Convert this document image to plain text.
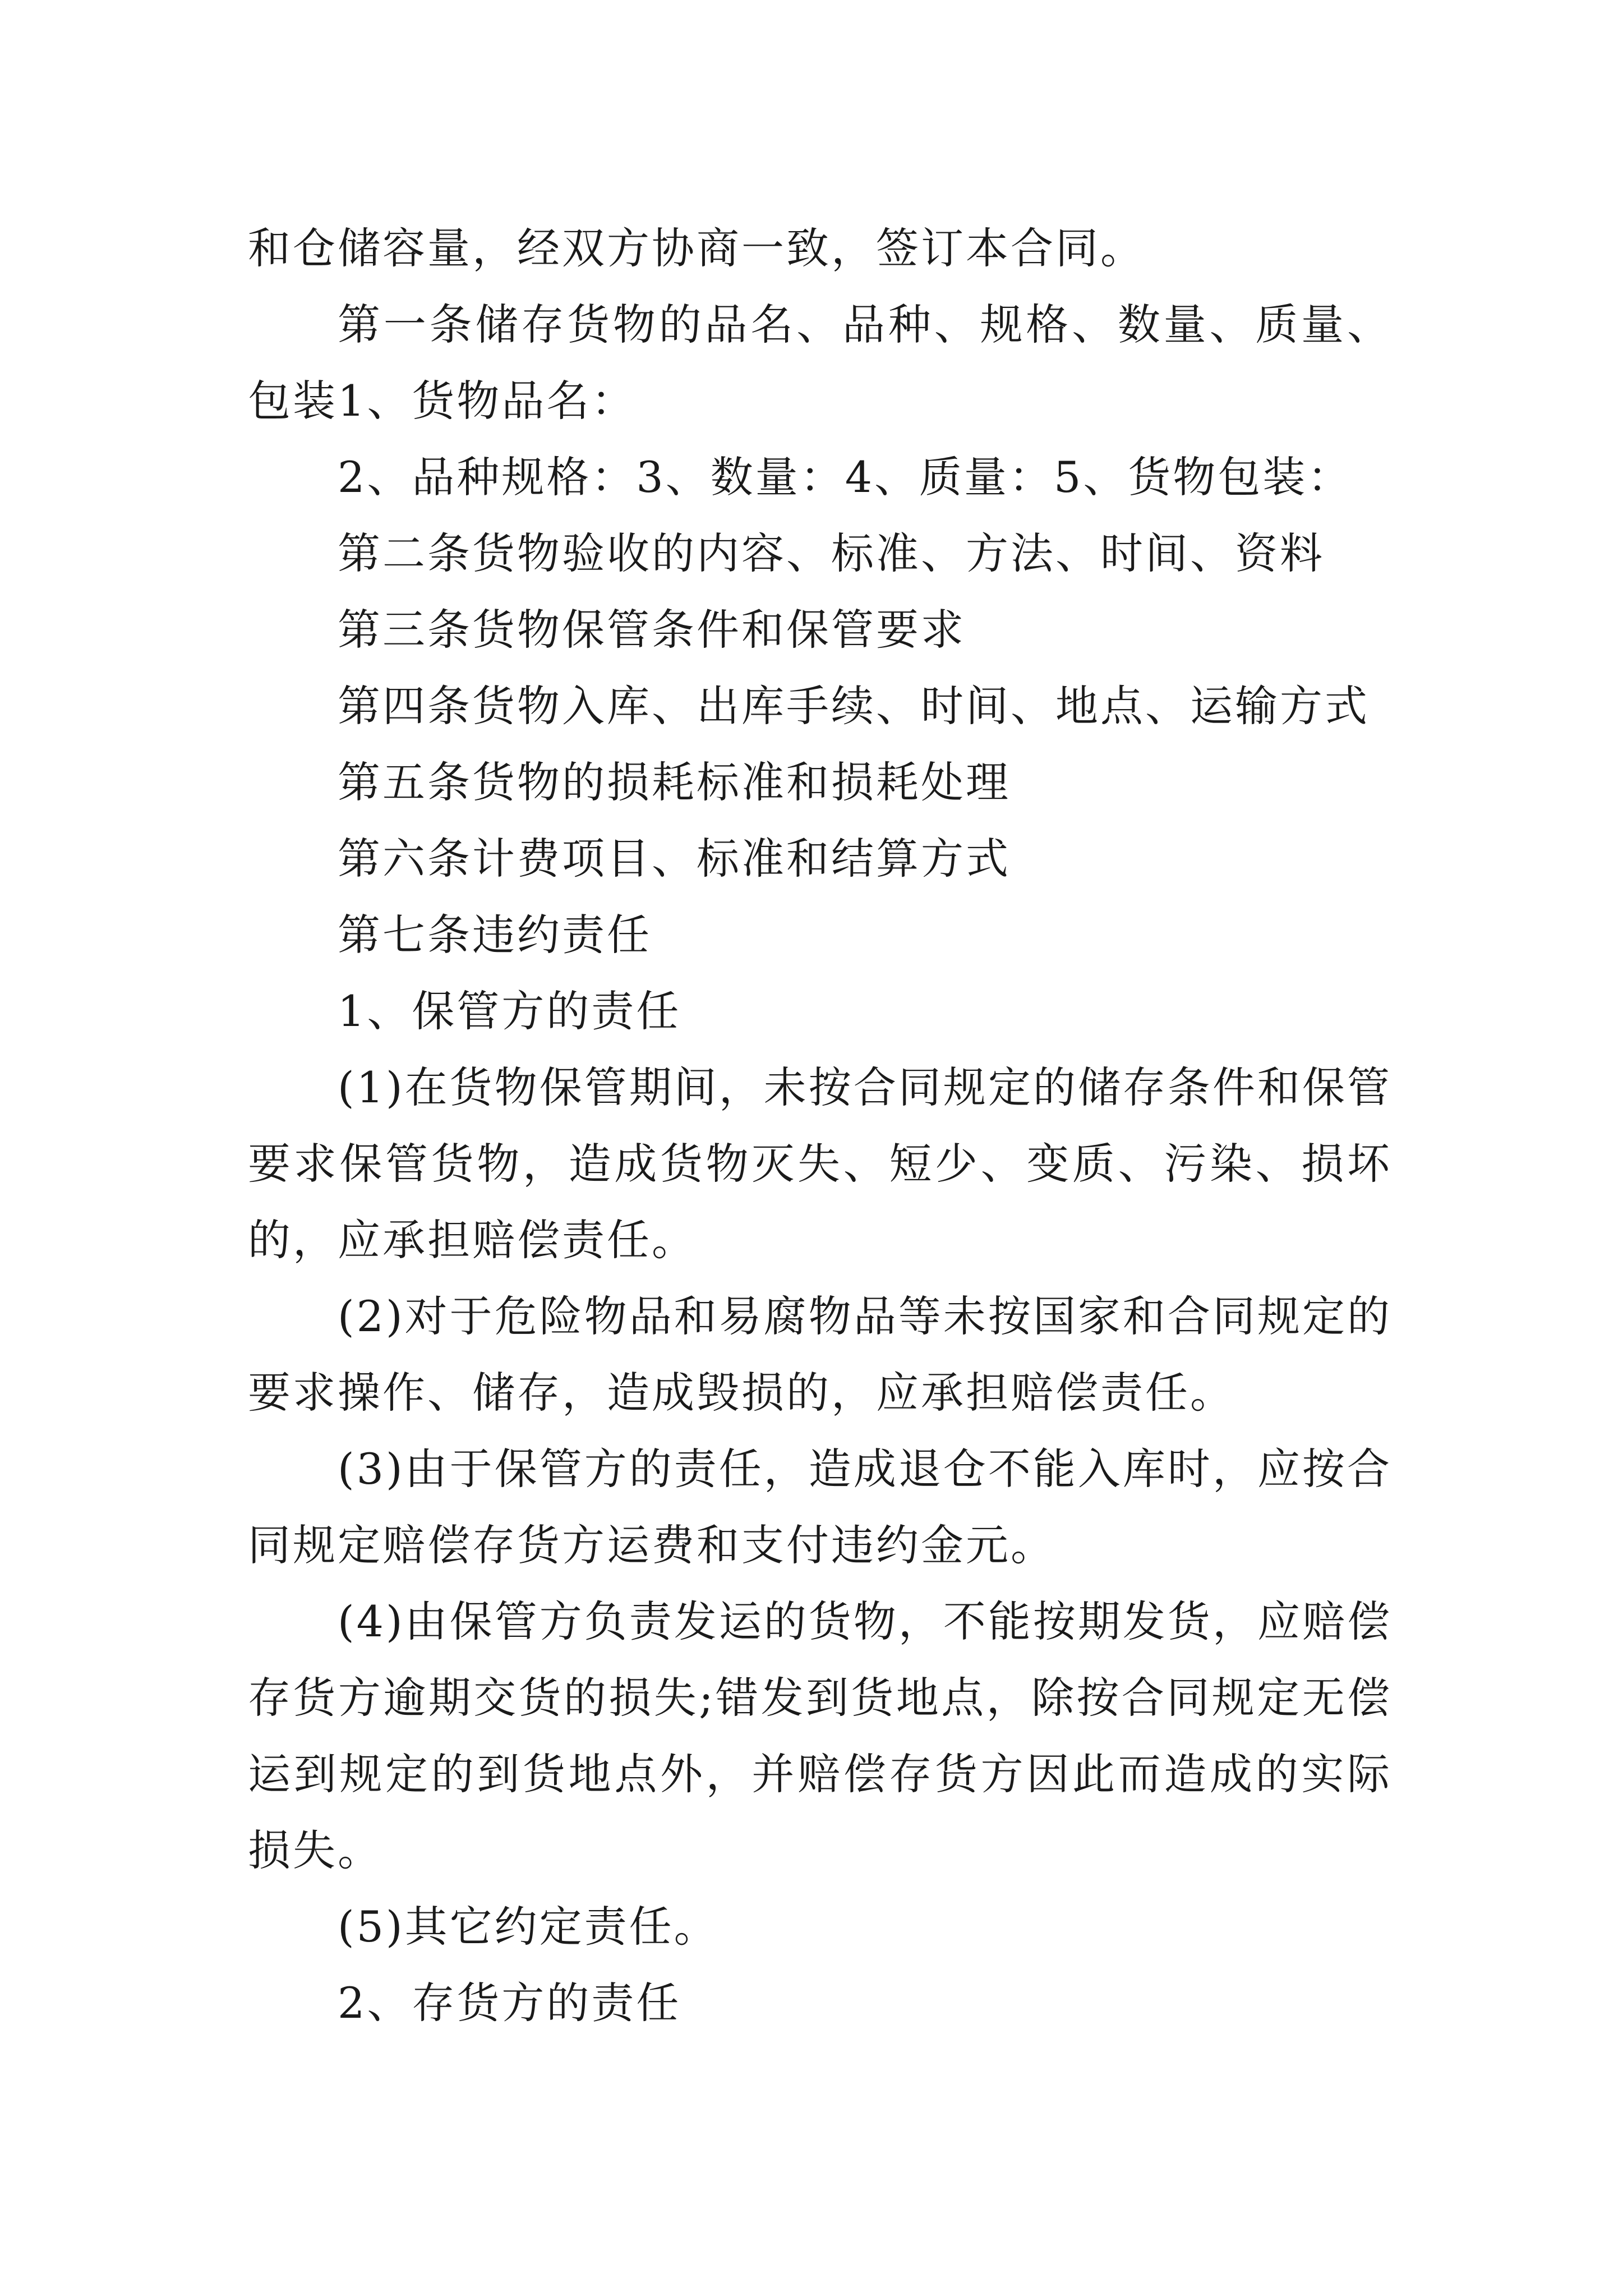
和仓储容量，经双方协商一致，签订本合同。

第一条储存货物的品名、品种、规格、数量、质量、包装1、货物品名：

2、品种规格：3、数量：4、质量：5、货物包装：

第二条货物验收的内容、标准、方法、时间、资料

第三条货物保管条件和保管要求

第四条货物入库、出库手续、时间、地点、运输方式

第五条货物的损耗标准和损耗处理

第六条计费项目、标准和结算方式

第七条违约责任

1、保管方的责任

(1)在货物保管期间，未按合同规定的储存条件和保管要求保管货物，造成货物灭失、短少、变质、污染、损坏的，应承担赔偿责任。

(2)对于危险物品和易腐物品等未按国家和合同规定的要求操作、储存，造成毁损的，应承担赔偿责任。

(3)由于保管方的责任，造成退仓不能入库时，应按合同规定赔偿存货方运费和支付违约金元。

(4)由保管方负责发运的货物，不能按期发货，应赔偿存货方逾期交货的损失;错发到货地点，除按合同规定无偿运到规定的到货地点外，并赔偿存货方因此而造成的实际损失。

(5)其它约定责任。

2、存货方的责任
